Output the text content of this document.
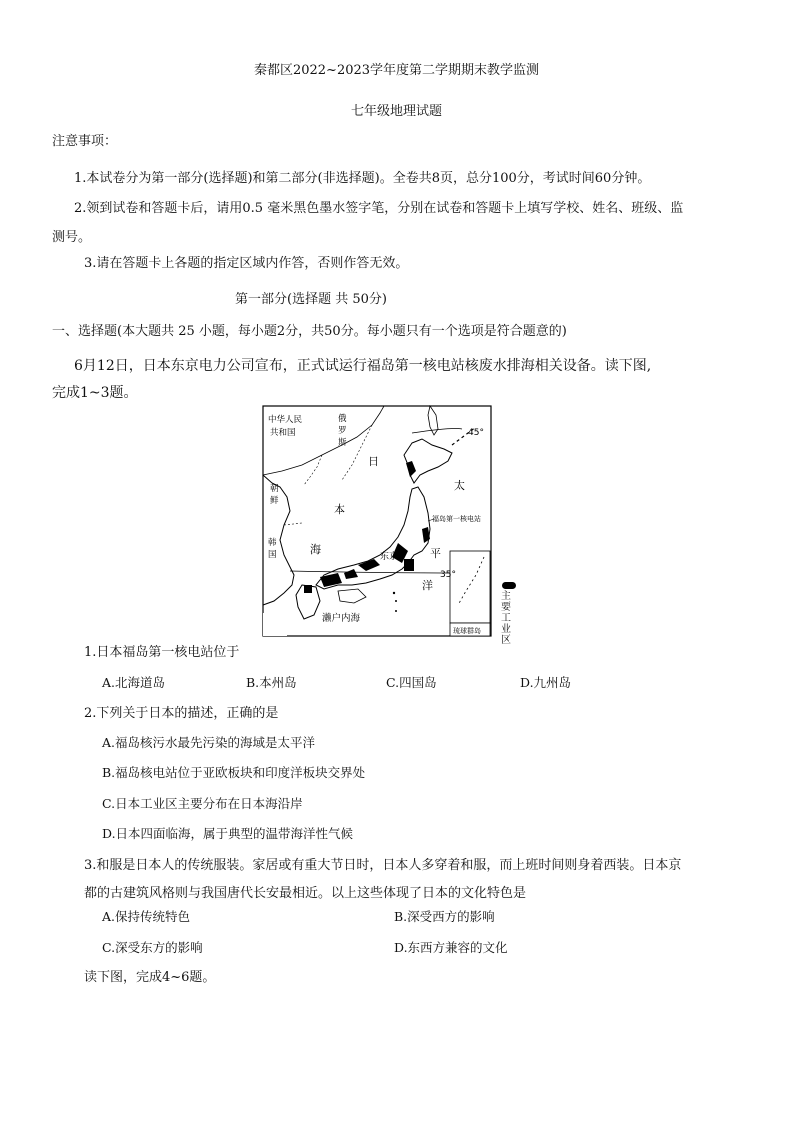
秦都区2022~2023学年度第二学期期末教学监测
七年级地理试题
注意事项：
1.本试卷分为第一部分(选择题)和第二部分(非选择题)。全卷共8页，总分100分，考试时间60分钟。
2.领到试卷和答题卡后，请用0.5 毫米黑色墨水签字笔，分别在试卷和答题卡上填写学校、姓名、班级、监
测号。
3.请在答题卡上各题的指定区域内作答，否则作答无效。
第一部分(选择题 共 50分)
一、选择题(本大题共 25 小题，每小题2分，共50分。每小题只有一个选项是符合题意的)
6月12日，日本东京电力公司宣布，正式试运行福岛第一核电站核废水排海相关设备。读下图,
完成1~3题。
中华人民
共和国
俄
罗
斯
朝
鲜
韩
国
日
本
海
太
平
洋
福岛第一核电站
东京
濑户内海
琉球群岛
45°
35°
主要工业区
1.日本福岛第一核电站位于
A.北海道岛	B.本州岛	C.四国岛	D.九州岛
2.下列关于日本的描述，正确的是
A.福岛核污水最先污染的海域是太平洋
B.福岛核电站位于亚欧板块和印度洋板块交界处
C.日本工业区主要分布在日本海沿岸
D.日本四面临海，属于典型的温带海洋性气候
3.和服是日本人的传统服装。家居或有重大节日时，日本人多穿着和服，而上班时间则身着西装。日本京
都的古建筑风格则与我国唐代长安最相近。以上这些体现了日本的文化特色是
A.保持传统特色	B.深受西方的影响
C.深受东方的影响	D.东西方兼容的文化
读下图，完成4~6题。
